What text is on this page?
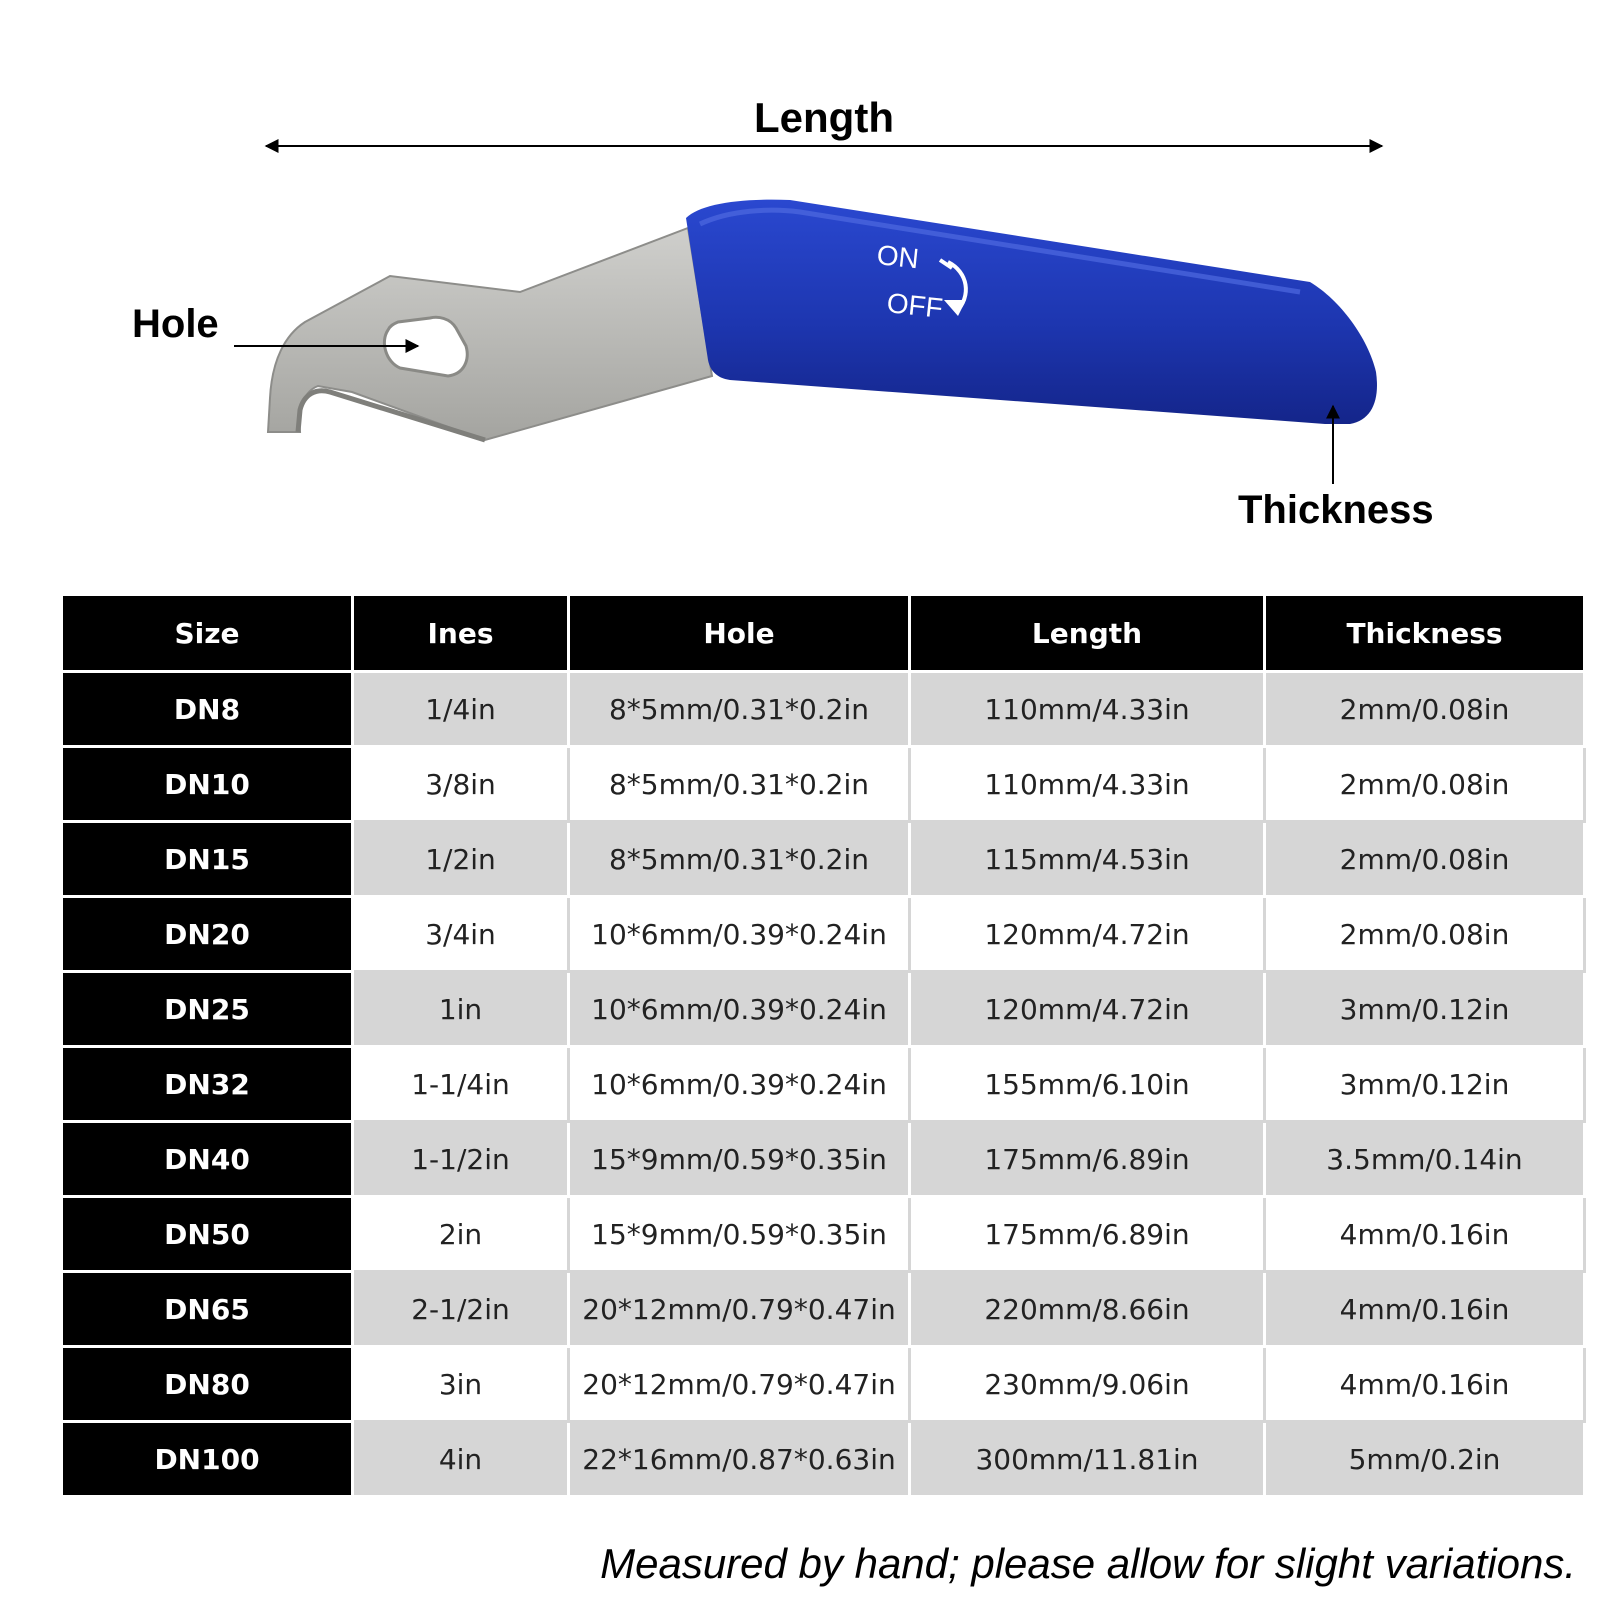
ON
OFF
Length
Hole
Thickness
Size	Ines	Hole	Length	Thickness
DN8	1/4in	8*5mm/0.31*0.2in	110mm/4.33in	2mm/0.08in
DN10	3/8in	8*5mm/0.31*0.2in	110mm/4.33in	2mm/0.08in
DN15	1/2in	8*5mm/0.31*0.2in	115mm/4.53in	2mm/0.08in
DN20	3/4in	10*6mm/0.39*0.24in	120mm/4.72in	2mm/0.08in
DN25	1in	10*6mm/0.39*0.24in	120mm/4.72in	3mm/0.12in
DN32	1-1/4in	10*6mm/0.39*0.24in	155mm/6.10in	3mm/0.12in
DN40	1-1/2in	15*9mm/0.59*0.35in	175mm/6.89in	3.5mm/0.14in
DN50	2in	15*9mm/0.59*0.35in	175mm/6.89in	4mm/0.16in
DN65	2-1/2in	20*12mm/0.79*0.47in	220mm/8.66in	4mm/0.16in
DN80	3in	20*12mm/0.79*0.47in	230mm/9.06in	4mm/0.16in
DN100	4in	22*16mm/0.87*0.63in	300mm/11.81in	5mm/0.2in
Measured by hand; please allow for slight variations.
